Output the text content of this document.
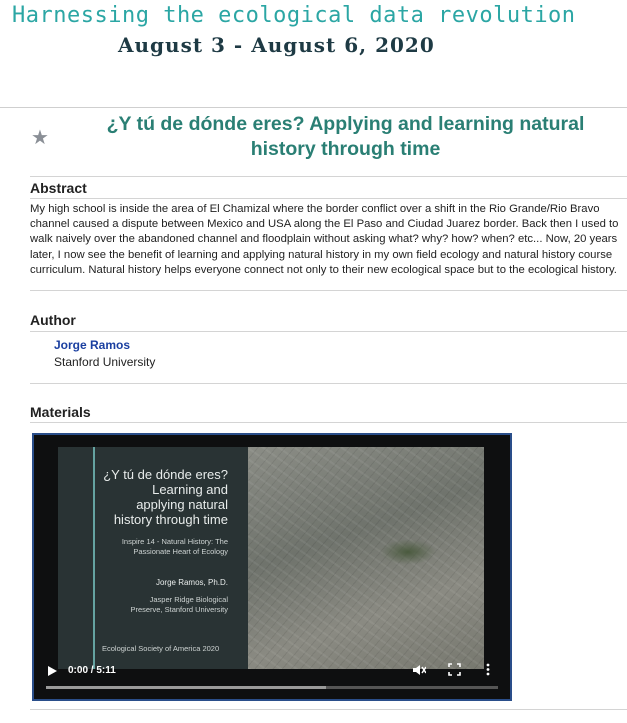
Harnessing the ecological data revolution
August 3 - August 6, 2020
★
¿Y tú de dónde eres? Applying and learning natural
history through time
Abstract
My high school is inside the area of El Chamizal where the border conflict over a shift in the Rio Grande/Rio Bravo channel caused a dispute between Mexico and USA along the El Paso and Ciudad Juarez border. Back then I used to walk naively over the abandoned channel and floodplain without asking what? why? how? when? etc... Now, 20 years later, I now see the benefit of learning and applying natural history in my own field ecology and natural history course curriculum. Natural history helps everyone connect not only to their new ecological space but to the ecological history.
Author
Jorge Ramos
Stanford University
Materials
¿Y tú de dónde eres?
Learning and
applying natural
history through time
Inspire 14 - Natural History: The
Passionate Heart of Ecology
Jorge Ramos, Ph.D.
Jasper Ridge Biological
Preserve, Stanford University
Ecological Society of America 2020
0:00 / 5:11
